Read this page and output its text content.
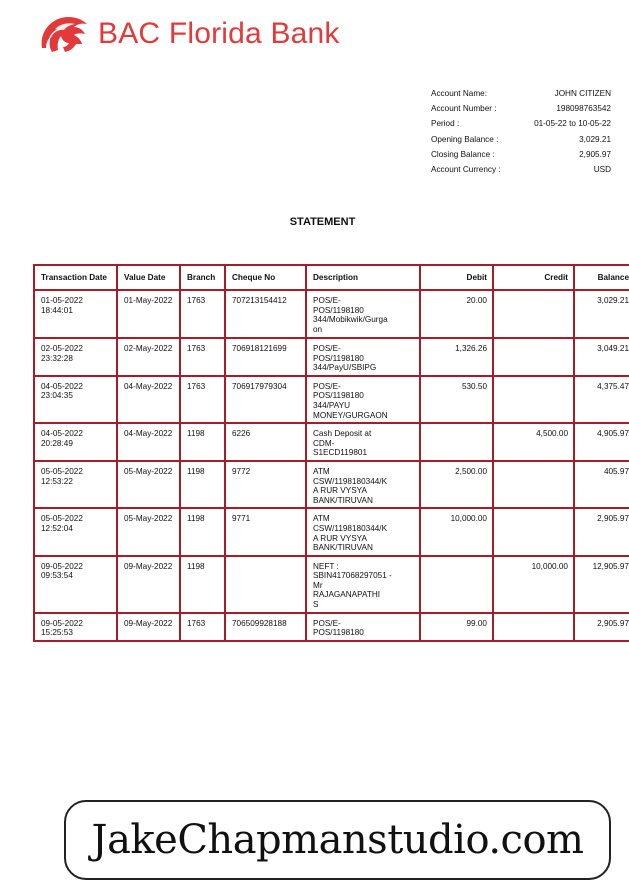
BAC Florida Bank
Account Name:	JOHN CITIZEN
Account Number :	198098763542
Period :	01-05-22 to 10-05-22
Opening Balance :	3,029.21
Closing Balance :	2,905.97
Account Currency :	USD
STATEMENT
Transaction Date	Value Date	Branch	Cheque No	Description	Debit	Credit	Balance
01-05-2022
18:44:01	01-May-2022	1763	707213154412	POS/E-
POS/1198180
344/Mobikwik/Gurga
on	20.00		3,029.21
02-05-2022
23:32:28	02-May-2022	1763	706918121699	POS/E-
POS/1198180
344/PayU/SBIPG	1,326.26		3,049.21
04-05-2022
23:04:35	04-May-2022	1763	706917979304	POS/E-
POS/1198180
344/PAYU
MONEY/GURGAON	530.50		4,375.47
04-05-2022
20:28:49	04-May-2022	1198	6226	Cash Deposit at
CDM-
S1ECD119801		4,500.00	4,905.97
05-05-2022
12:53:22	05-May-2022	1198	9772	ATM
CSW/1198180344/K
A RUR VYSYA
BANK/TIRUVAN	2,500.00		405.97
05-05-2022
12:52:04	05-May-2022	1198	9771	ATM
CSW/1198180344/K
A RUR VYSYA
BANK/TIRUVAN	10,000.00		2,905.97
09-05-2022
09:53:54	09-May-2022	1198		NEFT :
SBIN417068297051 -
Mr
RAJAGANAPATHI
S		10,000.00	12,905.97
09-05-2022
15:25:53	09-May-2022	1763	706509928188	POS/E-
POS/1198180	99.00		2,905.97
JakeChapmanstudio.com
